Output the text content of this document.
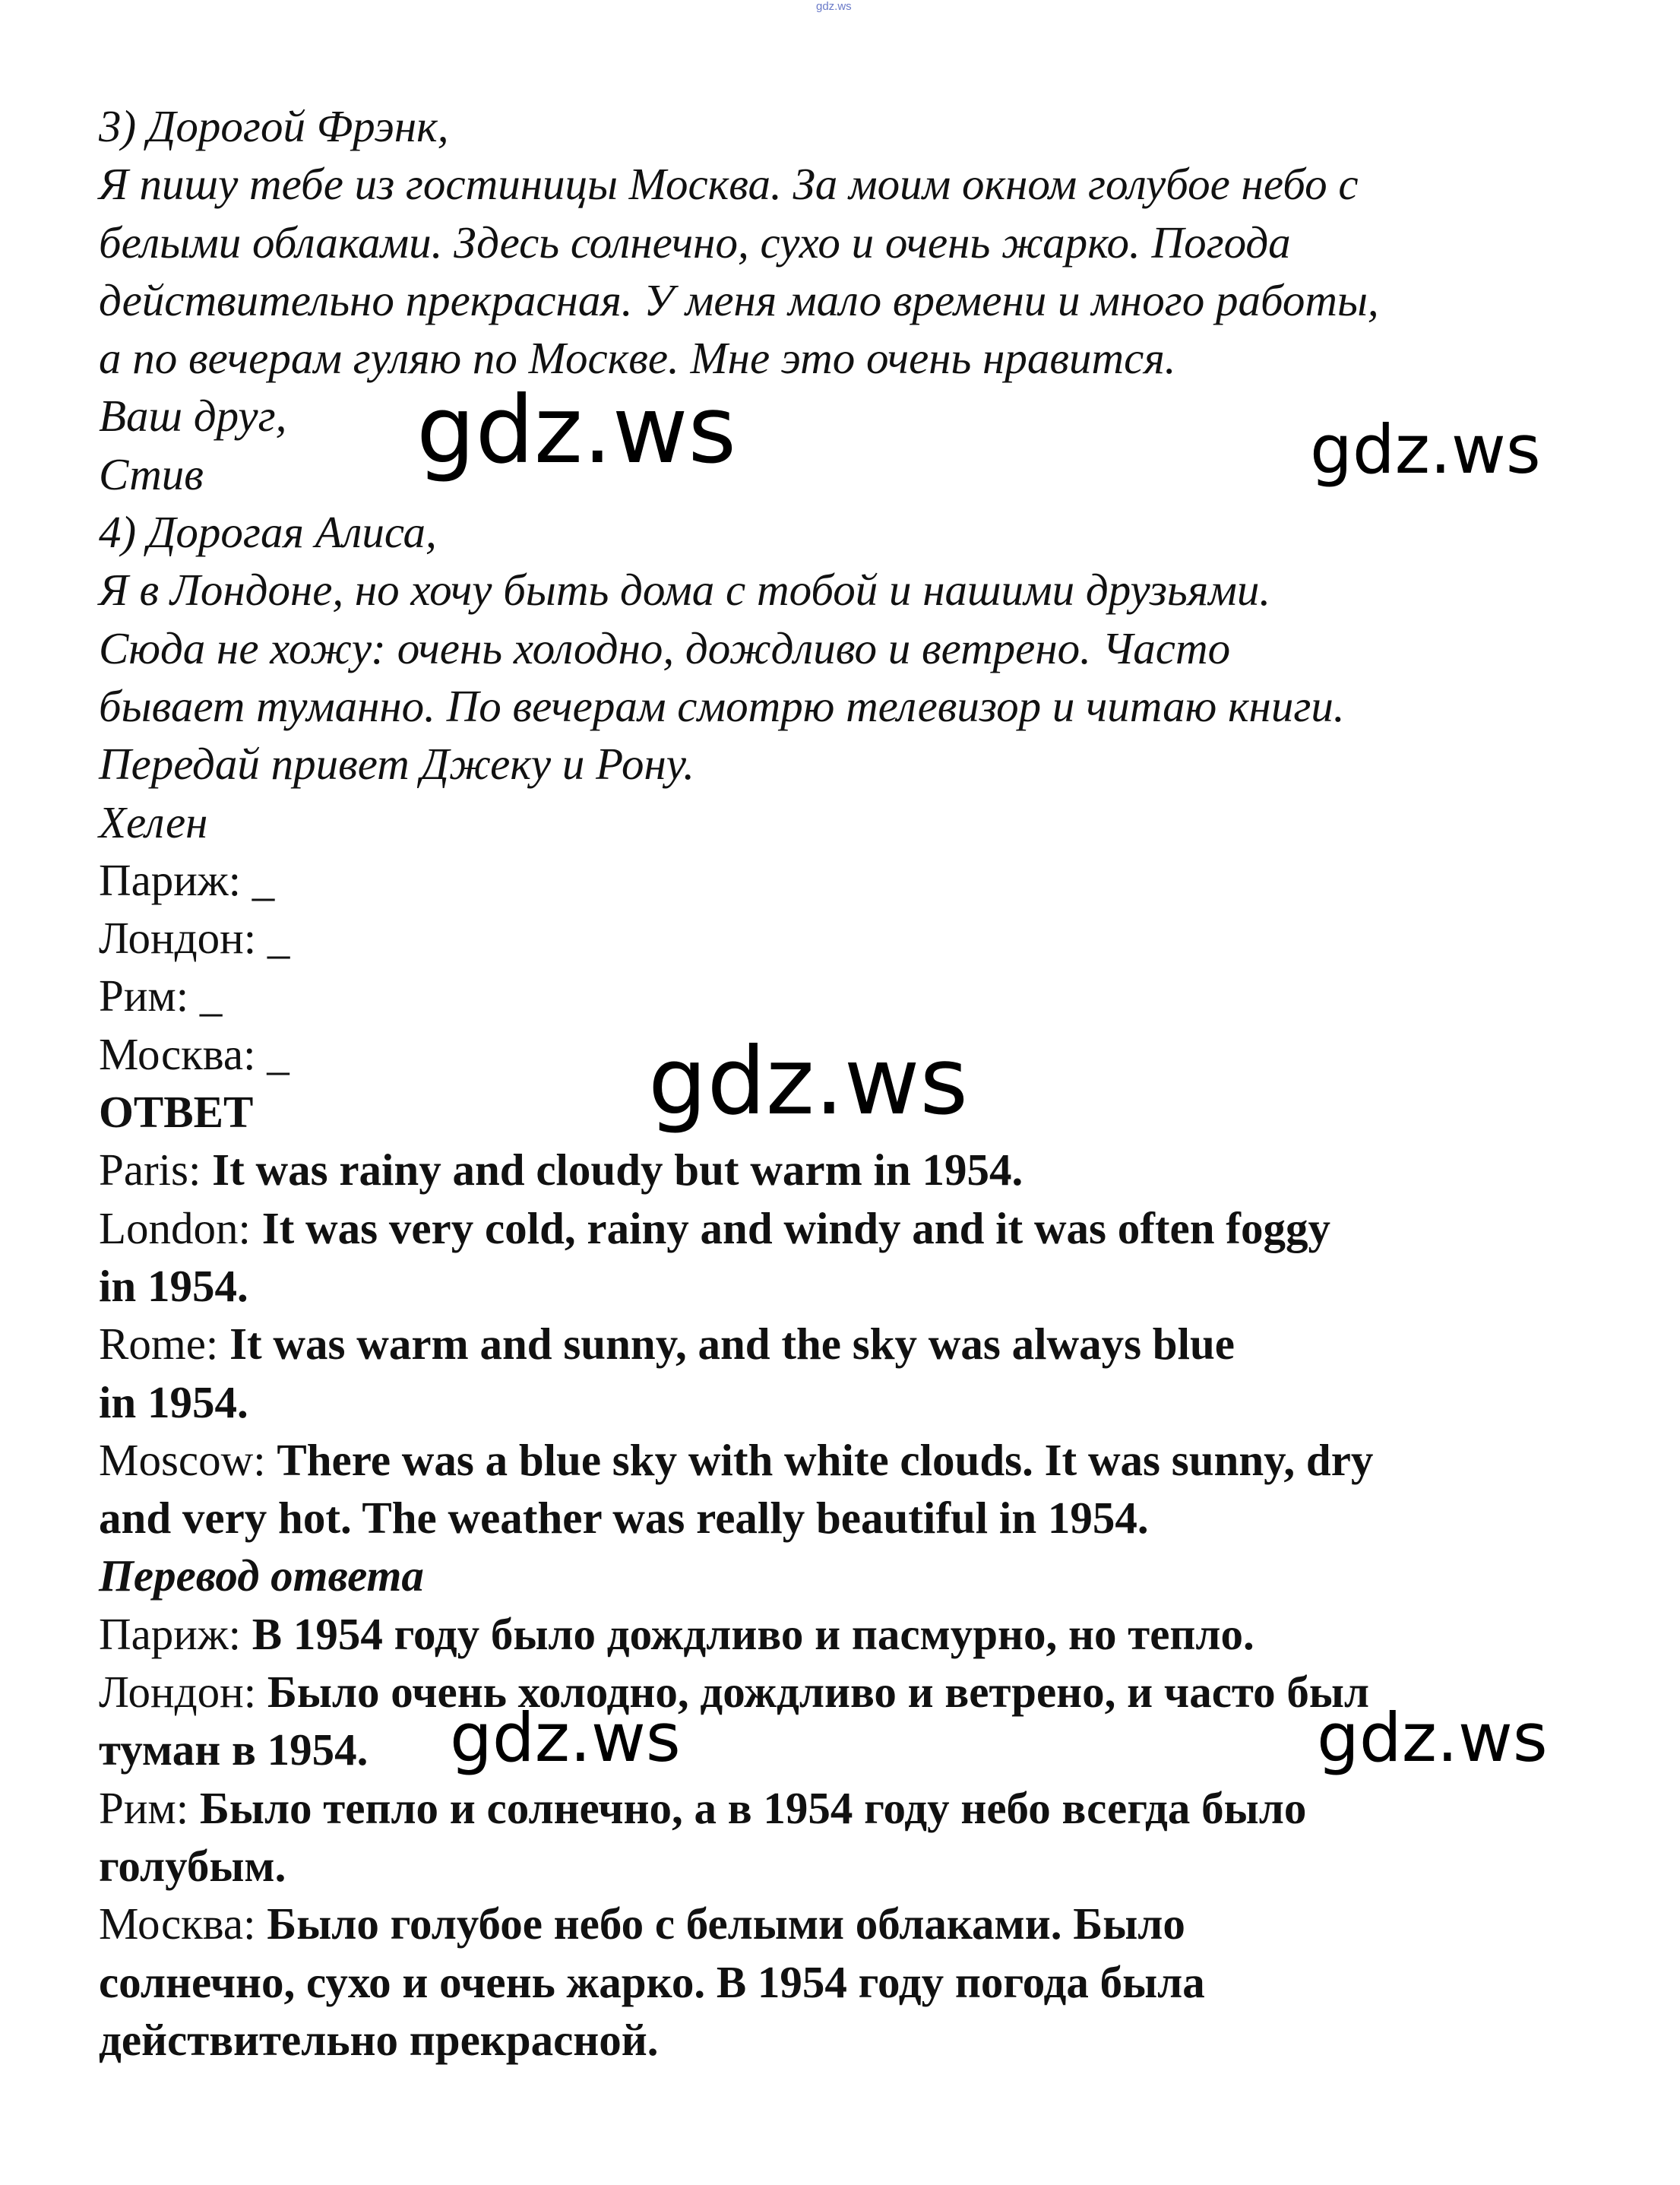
gdz.ws
3) Дорогой Фрэнк,
Я пишу тебе из гостиницы Москва. За моим окном голубое небо с
белыми облаками. Здесь солнечно, сухо и очень жарко. Погода
действительно прекрасная. У меня мало времени и много работы,
а по вечерам гуляю по Москве. Мне это очень нравится.
Ваш друг,
Стив
4) Дорогая Алиса,
Я в Лондоне, но хочу быть дома с тобой и нашими друзьями.
Сюда не хожу: очень холодно, дождливо и ветрено. Часто
бывает туманно. По вечерам смотрю телевизор и читаю книги.
Передай привет Джеку и Рону.
Хелен
Париж: _
Лондон: _
Рим: _
Москва: _
ОТВЕТ
Paris: It was rainy and cloudy but warm in 1954.
London: It was very cold, rainy and windy and it was often foggy
in 1954.
Rome: It was warm and sunny, and the sky was always blue
in 1954.
Moscow: There was a blue sky with white clouds. It was sunny, dry
and very hot. The weather was really beautiful in 1954.
Перевод ответа
Париж: В 1954 году было дождливо и пасмурно, но тепло.
Лондон: Было очень холодно, дождливо и ветрено, и часто был
туман в 1954.
Рим: Было тепло и солнечно, а в 1954 году небо всегда было
голубым.
Москва: Было голубое небо с белыми облаками. Было
солнечно, сухо и очень жарко. В 1954 году погода была
действительно прекрасной.
gdz.ws	gdz.ws
gdz.ws
gdz.ws	gdz.ws
